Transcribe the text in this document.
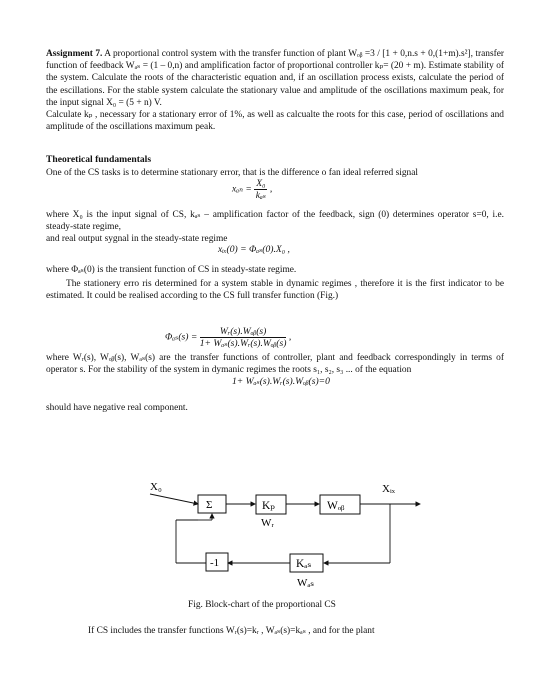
Assignment 7. A proportional control system with the transfer function of plant Wₒᵦ =3 / [1 + 0,n.s + 0,(1+m).s²], transfer function of feedback Wₐₛ = (1 – 0,n) and amplification factor of proportional controller kₚ= (20 + m). Estimate stability of the system. Calculate the roots of the characteristic equation and, if an oscillation process exists, calculate the period of the escillations. For the stable system calculate the stationary value and amplitude of the oscillations maximum peak, for the input signal X₀ = (5 + n) V.
Calculate kₚ , necessary for a stationary error of 1%, as well as calcualte the roots for this case, period of oscillations and amplitude of the oscillations maximum peak.

Theoretical fundamentals

One of the CS tasks is to determine stationary error, that is the difference o fan ideal referred signal

$x_{an} = \frac{\text{X₀}}{\text{kₐₛ}}$ ,

where X₀ is the input signal of CS, kₐₛ – amplification factor of the feedback, sign (0) determines operator s=0, i.e. steady-state regime,
and real output sygnal in the steady-state regime

xᵢₓ(0) = Φₐₛ(0).X₀ ,

where Φₐₛ(0) is the transient function of CS in steady-state regime.

The stationery erro ris determined for a system stable in dynamic regimes , therefore it is the first indicator to be estimated. It could be realised according to the CS full transfer function (Fig.)

$\Phi_{as}(s) = \frac{\text{Wᵣ(s).Wₒᵦ(s)}}{\text{1+ Wₐₛ(s).Wᵣ(s).Wₒᵦ(s)}}$ ,

where Wᵣ(s), Wₒᵦ(s), Wₐₛ(s) are the transfer functions of controller, plant and feedback correspondingly in terms of operator s. For the stability of the system in dymanic regimes the roots s₁, s₂, s₃ ... of the equation
1+ Wₐₛ(s).Wᵣ(s).Wₒᵦ(s)=0

should have negative real component.

X₀
Σ	Kₚ
Wᵣ
Wₒᵦ
Xᵢₓ
Kₐₛ
Wₐₛ
-1
Fig. Block-chart of the proportional CS

If CS includes the transfer functions Wᵣ(s)=kᵣ , Wₐₛ(s)=kₐₛ , and for the plant
